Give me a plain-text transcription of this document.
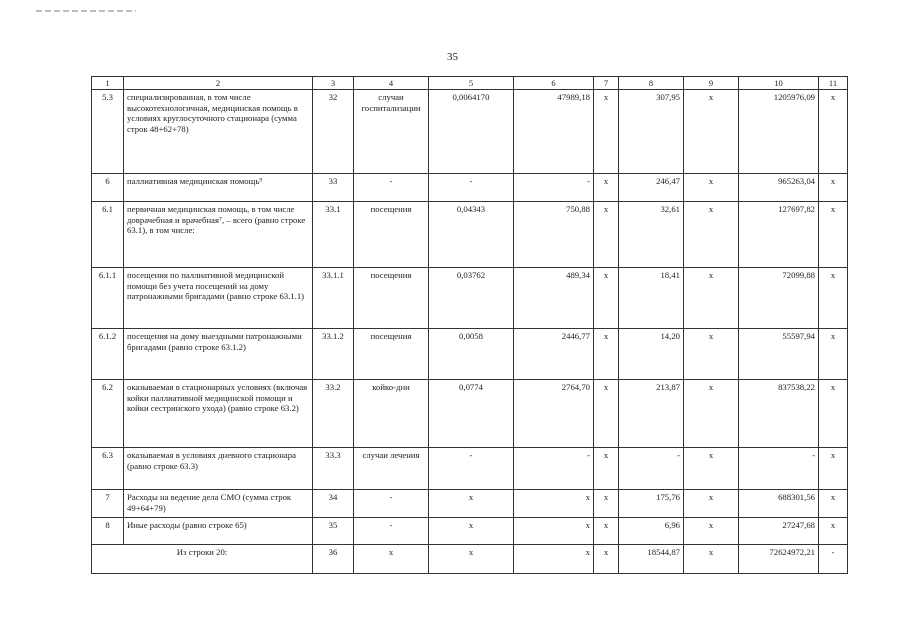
35
1	2	3	4	5	6	7	8	9	10	11
5.3	специализированная, в том числе высокотехнологичная, медицинская помощь в условиях круглосуточного стационара (сумма строк 48+62+78)	32	случаи госпитализации	0,0064170	47989,18	х	307,95	х	1205976,09	х
6	паллиативная медицинская помощь⁹	33	-	-	-	х	246,47	х	965263,04	х
6.1	первичная медицинская помощь, в том числе доврачебная и врачебная⁷, – всего (равно строке 63.1), в том числе:	33.1	посещения	0,04343	750,88	х	32,61	х	127697,82	х
6.1.1	посещения по паллиативной медицинской помощи без учета посещений на дому патронажными бригадами (равно строке 63.1.1)	33.1.1	посещения	0,03762	489,34	х	18,41	х	72099,88	х
6.1.2	посещения на дому выездными патронажными бригадами (равно строке 63.1.2)	33.1.2	посещения	0,0058	2446,77	х	14,20	х	55597,94	х
6.2	оказываемая в стационарных условиях (включая койки паллиативной медицинской помощи и койки сестринского ухода) (равно строке 63.2)	33.2	койко-дни	0,0774	2764,70	х	213,87	х	837538,22	х
6.3	оказываемая в условиях дневного стационара (равно строке 63.3)	33.3	случаи лечения	-	-	х	-	х	-	х
7	Расходы на ведение дела СМО (сумма строк 49+64+79)	34	-	х	х	х	175,76	х	688301,56	х
8	Иные расходы (равно строке 65)	35	-	х	х	х	6,96	х	27247,68	х
Из строки 20:		36	х	х	х	х	18544,87	х	72624972,21	-
